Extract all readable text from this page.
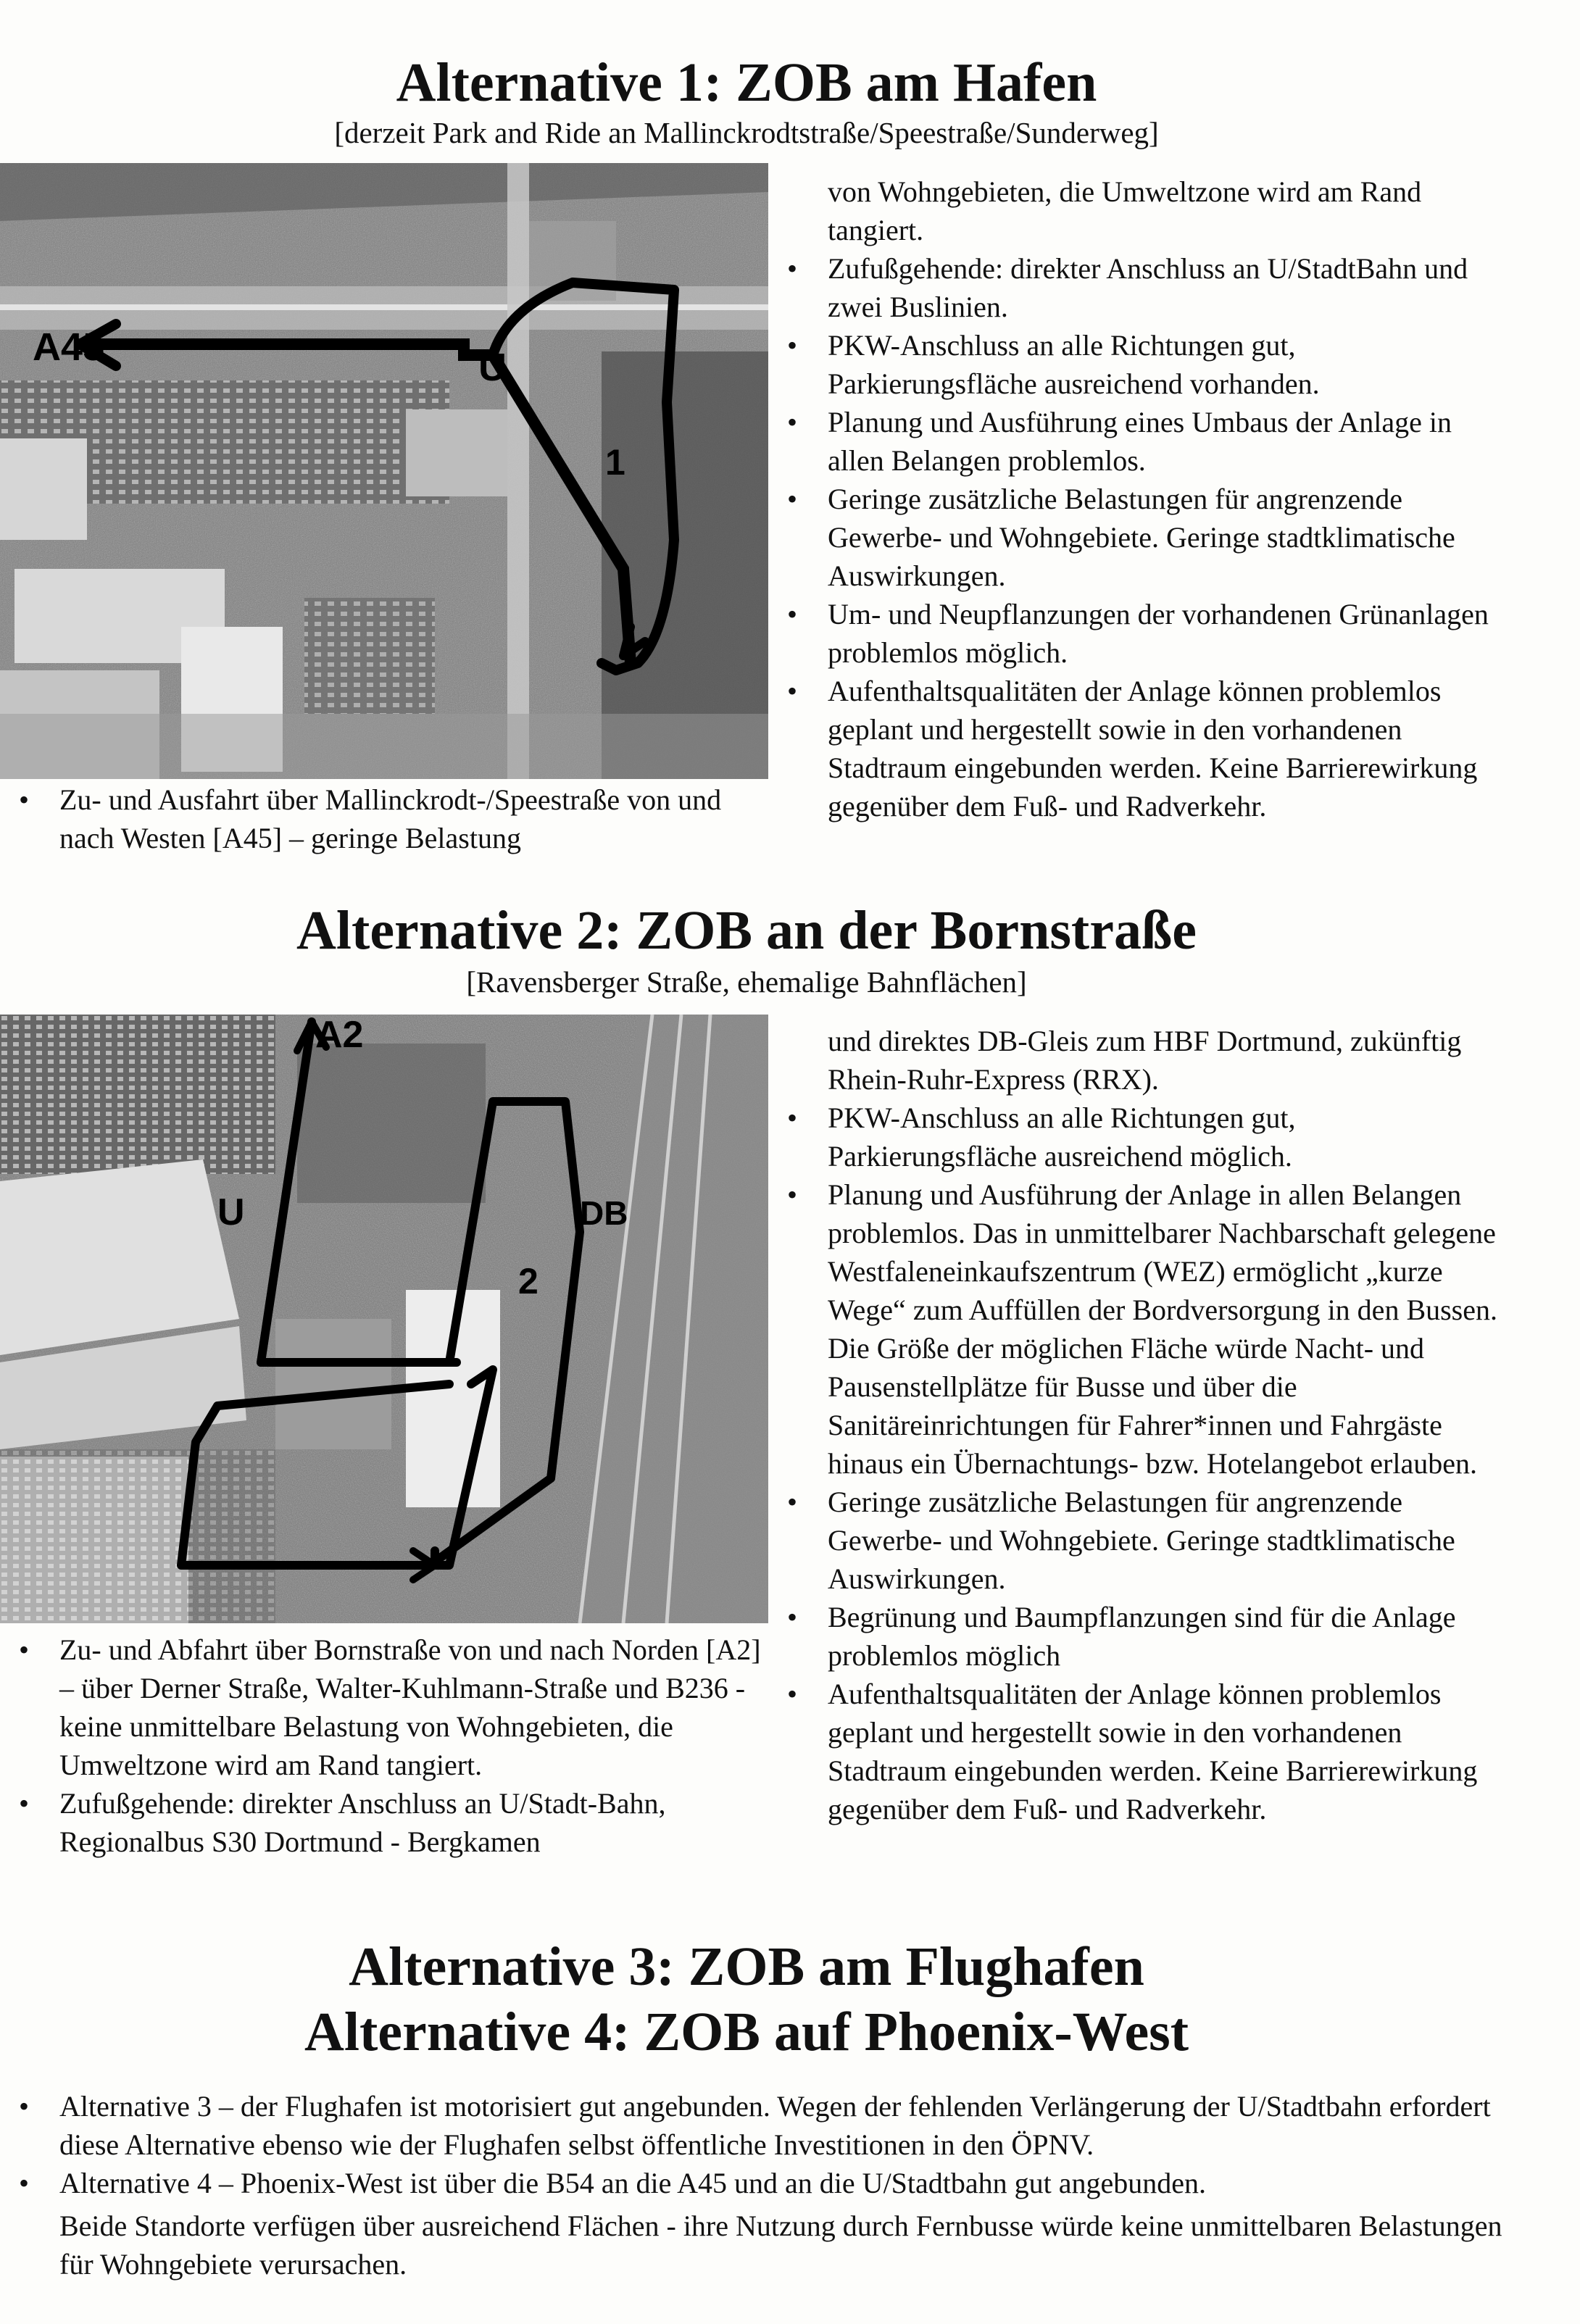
Alternative 1: ZOB am Hafen
[derzeit Park and Ride an Mallinckrodtstraße/Speestraße/Sunderweg]
A45	U
1
• Zu- und Ausfahrt über Mallinckrodt-/Speestraße von und nach Westen [A45] – geringe Belastung

von Wohngebieten, die Umweltzone wird am Rand tangiert.

• Zufußgehende: direkter Anschluss an U/StadtBahn und zwei Buslinien.
• PKW-Anschluss an alle Richtungen gut, Parkierungsfläche ausreichend vorhanden.
• Planung und Ausführung eines Umbaus der Anlage in allen Belangen problemlos.
• Geringe zusätzliche Belastungen für angrenzende Gewerbe- und Wohngebiete. Geringe stadtklimatische Auswirkungen.
• Um- und Neupflanzungen der vorhandenen Grünanlagen problemlos möglich.
• Aufenthaltsqualitäten der Anlage können problemlos geplant und hergestellt sowie in den vorhandenen Stadtraum eingebunden werden. Keine Barrierewirkung gegenüber dem Fuß- und Radverkehr.
Alternative 2: ZOB an der Bornstraße
[Ravensberger Straße, ehemalige Bahnflächen]
A2
U	DB
2
• Zu- und Abfahrt über Bornstraße von und nach Norden [A2] – über Derner Straße, Walter-Kuhlmann-Straße und B236 - keine unmittelbare Belastung von Wohngebieten, die Umweltzone wird am Rand tangiert.
• Zufußgehende: direkter Anschluss an U/Stadt-Bahn, Regionalbus S30 Dortmund - Bergkamen

und direktes DB-Gleis zum HBF Dortmund, zukünftig Rhein-Ruhr-Express (RRX).

• PKW-Anschluss an alle Richtungen gut, Parkierungsfläche ausreichend möglich.
• Planung und Ausführung der Anlage in allen Belangen problemlos. Das in unmittelbarer Nachbarschaft gelegene Westfaleneinkaufszentrum (WEZ) ermöglicht „kurze Wege“ zum Auffüllen der Bordversorgung in den Bussen. Die Größe der möglichen Fläche würde Nacht- und Pausenstellplätze für Busse und über die Sanitäreinrichtungen für Fahrer*innen und Fahrgäste hinaus ein Übernachtungs- bzw. Hotelangebot erlauben.
• Geringe zusätzliche Belastungen für angrenzende Gewerbe- und Wohngebiete. Geringe stadtklimatische Auswirkungen.
• Begrünung und Baumpflanzungen sind für die Anlage problemlos möglich
• Aufenthaltsqualitäten der Anlage können problemlos geplant und hergestellt sowie in den vorhandenen Stadtraum eingebunden werden. Keine Barrierewirkung gegenüber dem Fuß- und Radverkehr.
Alternative 3: ZOB am Flughafen
Alternative 4: ZOB auf Phoenix-West
• Alternative 3 – der Flughafen ist motorisiert gut angebunden. Wegen der fehlenden Verlängerung der U/Stadtbahn erfordert diese Alternative ebenso wie der Flughafen selbst öffentliche Investitionen in den ÖPNV.
• Alternative 4 – Phoenix-West ist über die B54 an die A45 und an die U/Stadtbahn gut angebunden.

Beide Standorte verfügen über ausreichend Flächen - ihre Nutzung durch Fernbusse würde keine unmittelbaren Belastungen für Wohngebiete verursachen.
